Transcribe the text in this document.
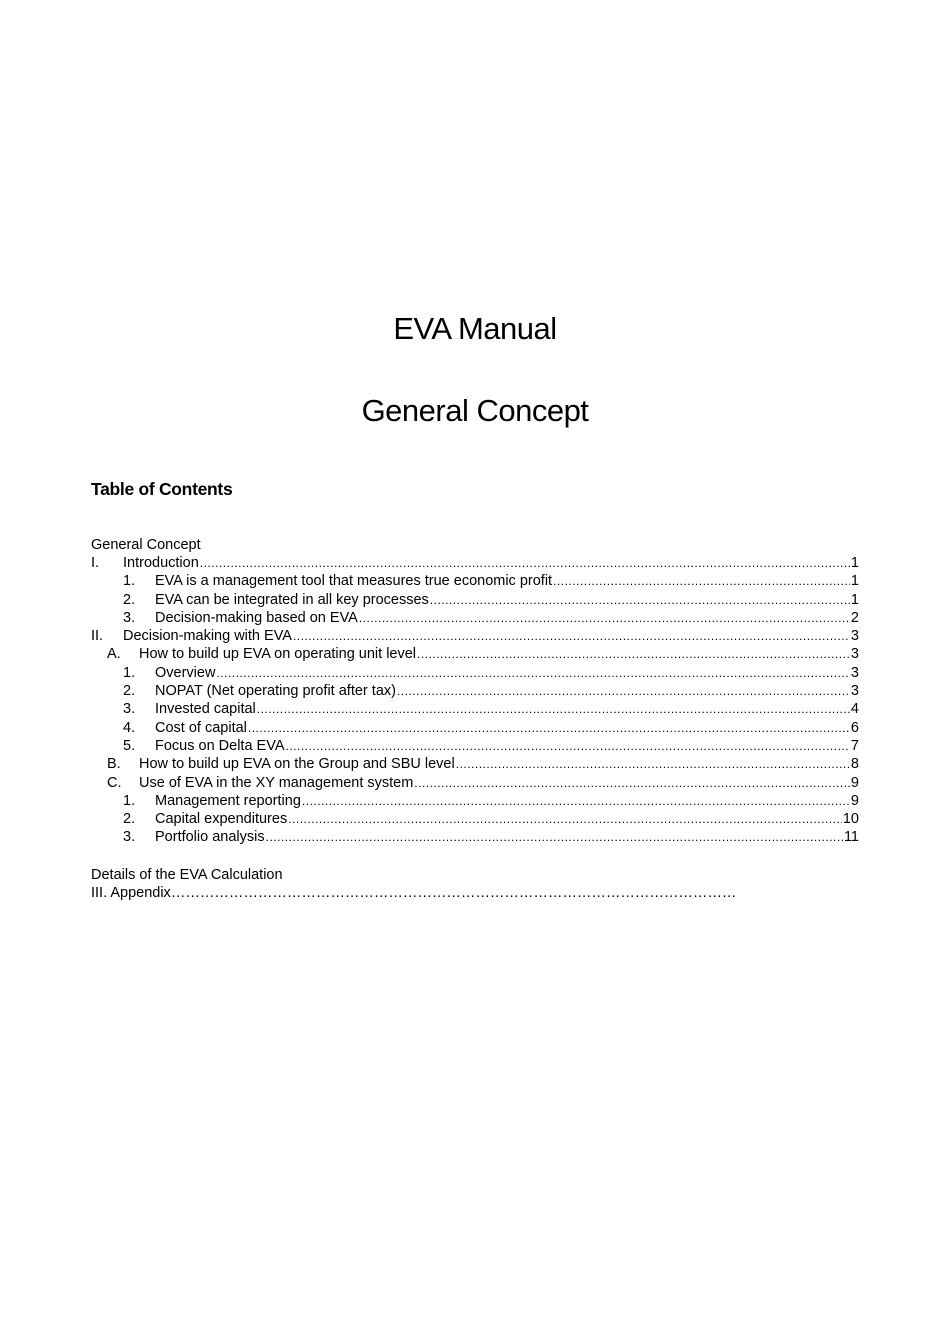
EVA Manual
General Concept
Table of Contents
General Concept
I.	Introduction .....	1
1.	EVA is a management tool that measures true economic profit .....	1
2.	EVA can be integrated in all key processes .....	1
3.	Decision-making based on EVA .....	2
II.	Decision-making with EVA .....	3
A.	How to build up EVA on operating unit level .....	3
1.	Overview .....	3
2.	NOPAT (Net operating profit after tax) .....	3
3.	Invested capital .....	4
4.	Cost of capital .....	6
5.	Focus on Delta EVA .....	7
B.	How to build up EVA on the Group and SBU level .....	8
C.	Use of EVA in the XY management system .....	9
1.	Management reporting .....	9
2.	Capital expenditures .....	10
3.	Portfolio analysis .....	11
Details of the EVA Calculation
III. Appendix………………………………………………………………………………………………………
